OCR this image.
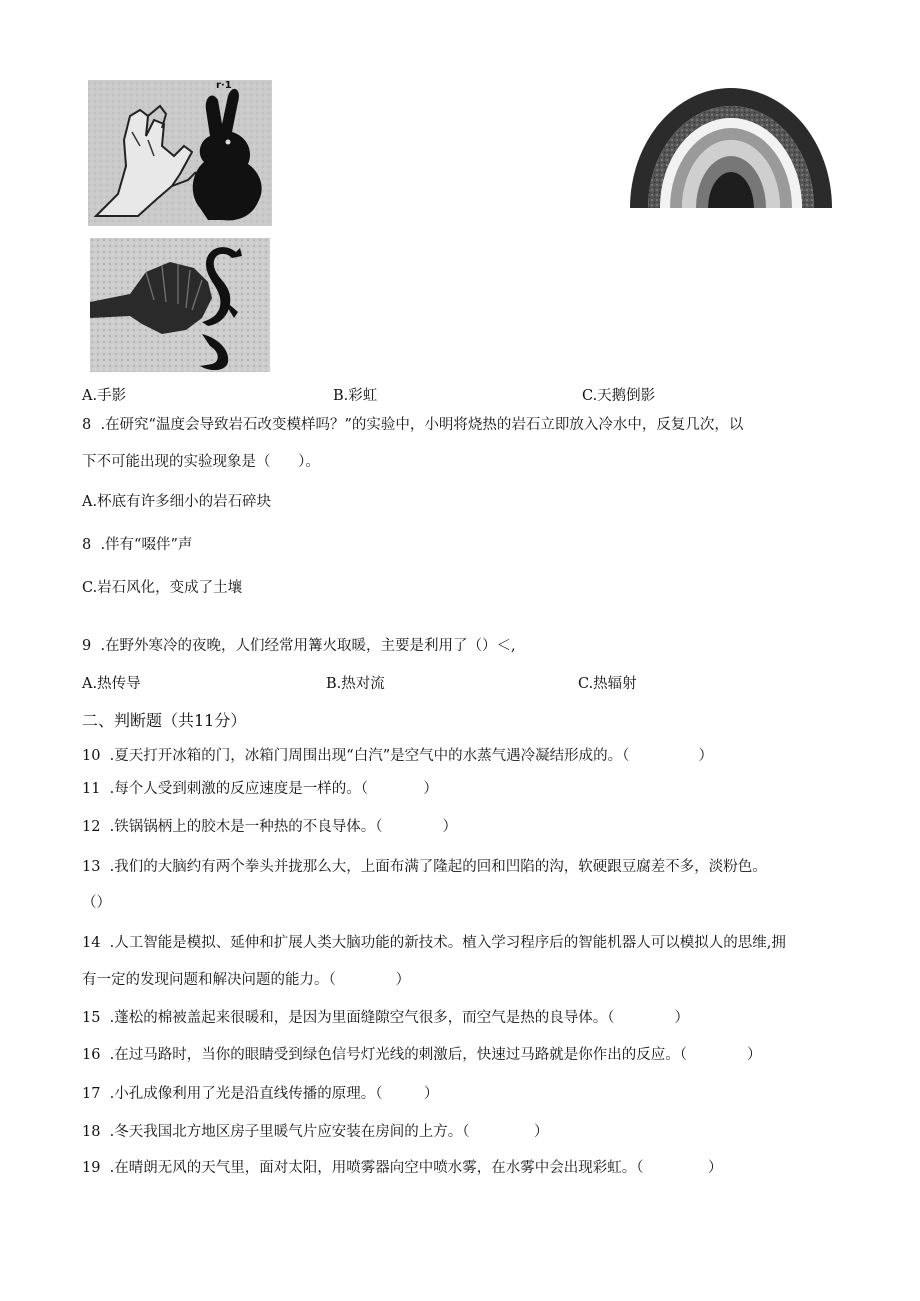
r·1
A.手影	B.彩虹	C.天鹅倒影
8  .在研究“温度会导致岩石改变模样吗？”的实验中，小明将烧热的岩石立即放入冷水中，反复几次，以
下不可能出现的实验现象是（      ）。
A.杯底有许多细小的岩石碎块
8  .伴有“啜伴”声
C.岩石风化，变成了土壤
9  .在野外寒冷的夜晚，人们经常用篝火取暖，主要是利用了（）＜,
A.热传导	B.热对流	C.热辐射
二、判断题（共11分）
10  .夏天打开冰箱的门，冰箱门周围出现“白汽”是空气中的水蒸气遇冷凝结形成的。（               ）
11  .每个人受到刺激的反应速度是一样的。（            ）
12  .铁锅锅柄上的胶木是一种热的不良导体。（             ）
13  .我们的大脑约有两个拳头并拢那么大，上面布满了隆起的回和凹陷的沟，软硬跟豆腐差不多，淡粉色。
（）
14  .人工智能是模拟、延伸和扩展人类大脑功能的新技术。植入学习程序后的智能机器人可以模拟人的思维,拥
有一定的发现问题和解决问题的能力。（             ）
15  .蓬松的棉被盖起来很暖和，是因为里面缝隙空气很多，而空气是热的良导体。（             ）
16  .在过马路时，当你的眼睛受到绿色信号灯光线的刺激后，快速过马路就是你作出的反应。（             ）
17  .小孔成像利用了光是沿直线传播的原理。（         ）
18  .冬天我国北方地区房子里暖气片应安装在房间的上方。（              ）
19  .在晴朗无风的天气里，面对太阳，用喷雾器向空中喷水雾，在水雾中会出现彩虹。（              ）
